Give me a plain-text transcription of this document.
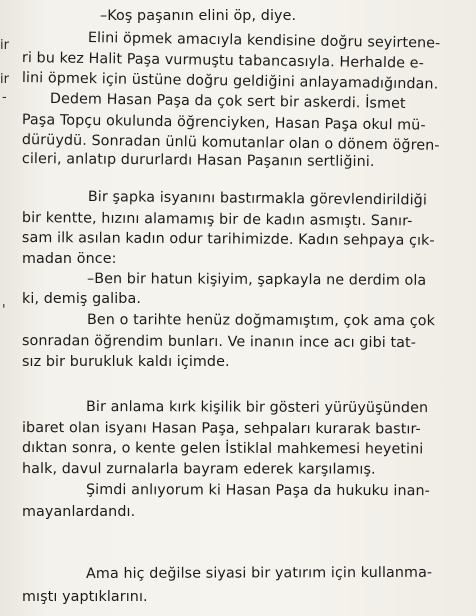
ir
ir
-
'
–Koş paşanın elini öp, diye.
Elini öpmek amacıyla kendisine doğru seyirtene-
ri bu kez Halit Paşa vurmuştu tabancasıyla. Herhalde e-
lini öpmek için üstüne doğru geldiğini anlayamadığından.
Dedem Hasan Paşa da çok sert bir askerdi. İsmet
Paşa Topçu okulunda öğrenciyken, Hasan Paşa okul mü-
dürüydü. Sonradan ünlü komutanlar olan o dönem öğren-
cileri, anlatıp dururlardı Hasan Paşanın sertliğini.
Bir şapka isyanını bastırmakla görevlendirildiği
bir kentte, hızını alamamış bir de kadın asmıştı. Sanır-
sam ilk asılan kadın odur tarihimizde. Kadın sehpaya çık-
madan önce:
–Ben bir hatun kişiyim, şapkayla ne derdim ola
ki, demiş galiba.
Ben o tarihte henüz doğmamıştım, çok ama çok
sonradan öğrendim bunları. Ve inanın ince acı gibi tat-
sız bir burukluk kaldı içimde.
Bir anlama kırk kişilik bir gösteri yürüyüşünden
ibaret olan isyanı Hasan Paşa, sehpaları kurarak bastır-
dıktan sonra, o kente gelen İstiklal mahkemesi heyetini
halk, davul zurnalarla bayram ederek karşılamış.
Şimdi anlıyorum ki Hasan Paşa da hukuku inan-
mayanlardandı.
Ama hiç değilse siyasi bir yatırım için kullanma-
mıştı yaptıklarını.
